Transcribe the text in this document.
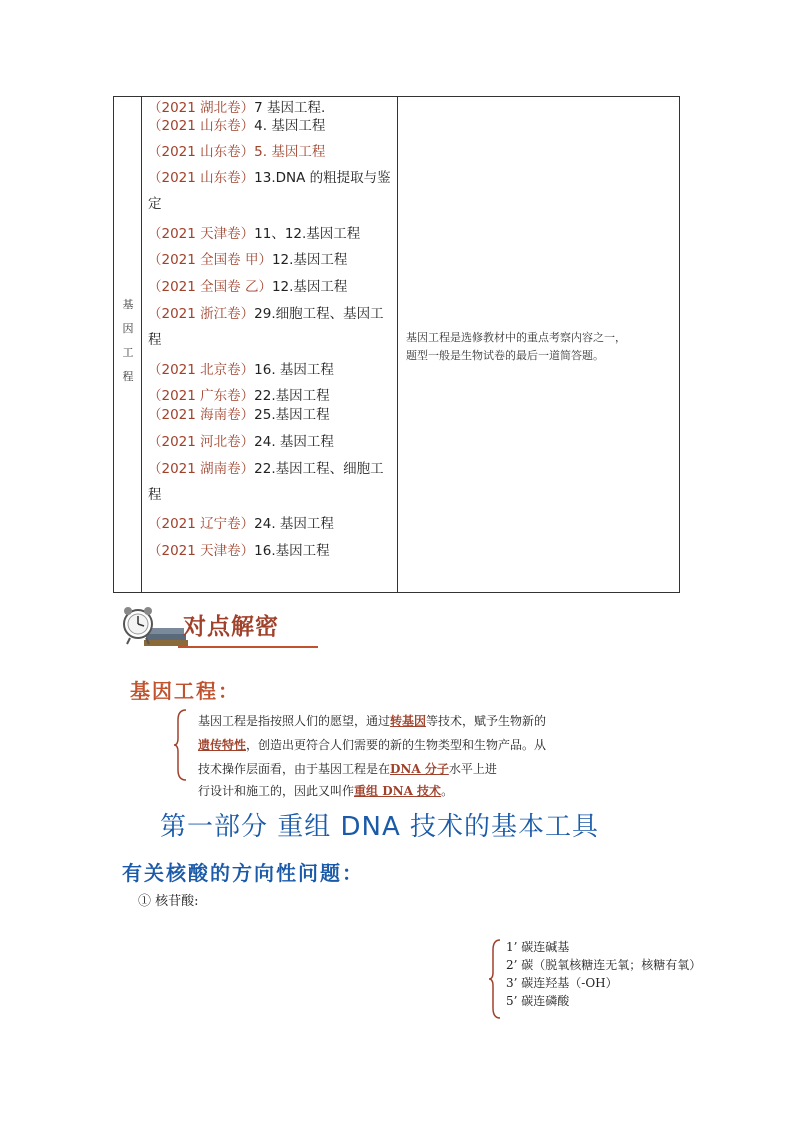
基
因
工
程
（2021 湖北卷）7 基因工程.
（2021 山东卷）4. 基因工程
（2021 山东卷）5. 基因工程
（2021 山东卷）13.DNA 的粗提取与鉴
定
（2021 天津卷）11、12.基因工程
（2021 全国卷 甲）12.基因工程
（2021 全国卷 乙）12.基因工程
（2021 浙江卷）29.细胞工程、基因工
程
（2021 北京卷）16. 基因工程
（2021 广东卷）22.基因工程
（2021 海南卷）25.基因工程
（2021 河北卷）24. 基因工程
（2021 湖南卷）22.基因工程、细胞工
程
（2021 辽宁卷）24. 基因工程
（2021 天津卷）16.基因工程
基因工程是选修教材中的重点考察内容之一，
题型一般是生物试卷的最后一道简答题。
对点解密
基因工程：
基因工程是指按照人们的愿望，通过转基因等技术，赋予生物新的
遗传特性，创造出更符合人们需要的新的生物类型和生物产品。从
技术操作层面看，由于基因工程是在DNA 分子水平上进
行设计和施工的，因此又叫作重组 DNA 技术。
第一部分 重组 DNA 技术的基本工具
有关核酸的方向性问题：
① 核苷酸:
1’ 碳连碱基
2’ 碳（脱氧核糖连无氧；核糖有氧）
3’ 碳连羟基（-OH）
5’ 碳连磷酸
